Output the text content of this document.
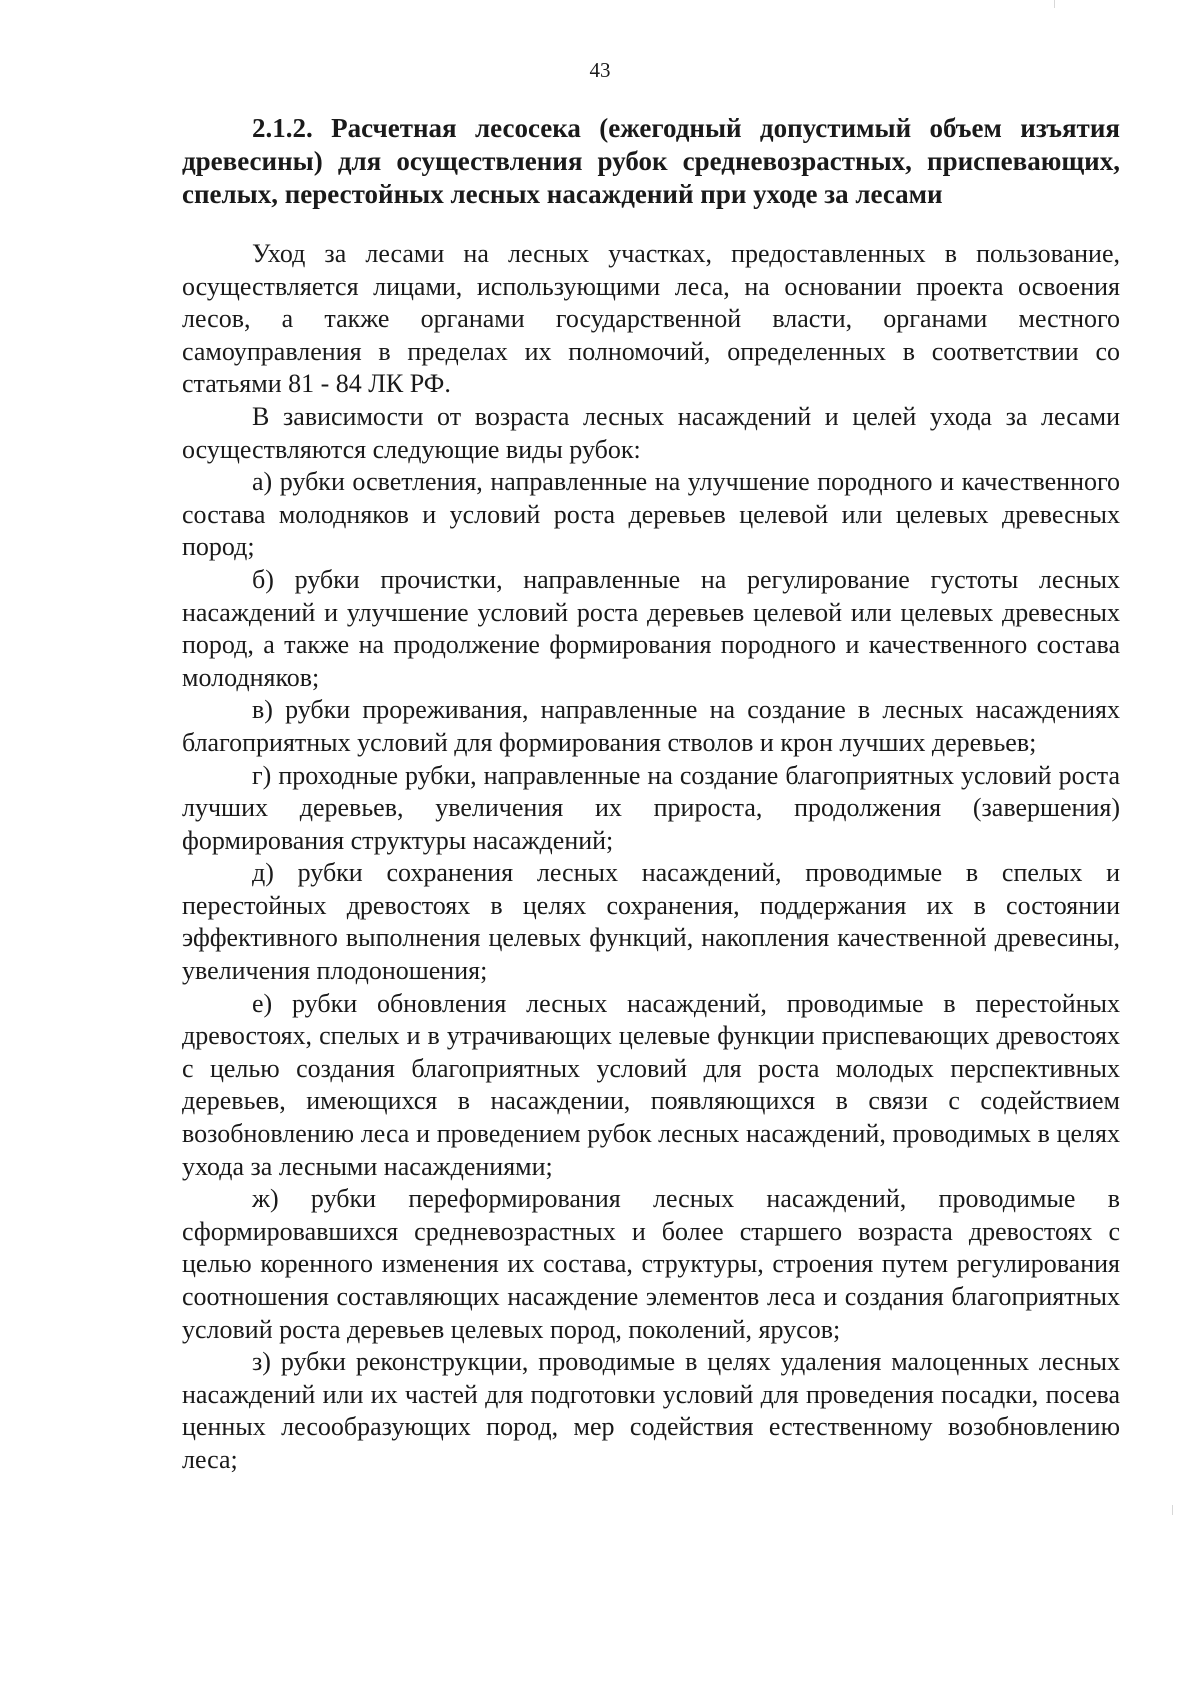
43
2.1.2. Расчетная лесосека (ежегодный допустимый объем изъятия древесины) для осуществления рубок средневозрастных, приспевающих, спелых, перестойных лесных насаждений при уходе за лесами

Уход за лесами на лесных участках, предоставленных в пользование, осуществляется лицами, использующими леса, на основании проекта освоения лесов, а также органами государственной власти, органами местного самоуправления в пределах их полномочий, определенных в соответствии со статьями 81 - 84 ЛК РФ.

В зависимости от возраста лесных насаждений и целей ухода за лесами осуществляются следующие виды рубок:

а) рубки осветления, направленные на улучшение породного и качественного состава молодняков и условий роста деревьев целевой или целевых древесных пород;

б) рубки прочистки, направленные на регулирование густоты лесных насаждений и улучшение условий роста деревьев целевой или целевых древесных пород, а также на продолжение формирования породного и качественного состава молодняков;

в) рубки прореживания, направленные на создание в лесных насаждениях благоприятных условий для формирования стволов и крон лучших деревьев;

г) проходные рубки, направленные на создание благоприятных условий роста лучших деревьев, увеличения их прироста, продолжения (завершения) формирования структуры насаждений;

д) рубки сохранения лесных насаждений, проводимые в спелых и перестойных древостоях в целях сохранения, поддержания их в состоянии эффективного выполнения целевых функций, накопления качественной древесины, увеличения плодоношения;

е) рубки обновления лесных насаждений, проводимые в перестойных древостоях, спелых и в утрачивающих целевые функции приспевающих древостоях с целью создания благоприятных условий для роста молодых перспективных деревьев, имеющихся в насаждении, появляющихся в связи с содействием возобновлению леса и проведением рубок лесных насаждений, проводимых в целях ухода за лесными насаждениями;

ж) рубки переформирования лесных насаждений, проводимые в сформировавшихся средневозрастных и более старшего возраста древостоях с целью коренного изменения их состава, структуры, строения путем регулирования соотношения составляющих насаждение элементов леса и создания благоприятных условий роста деревьев целевых пород, поколений, ярусов;

з) рубки реконструкции, проводимые в целях удаления малоценных лесных насаждений или их частей для подготовки условий для проведения посадки, посева ценных лесообразующих пород, мер содействия естественному возобновлению леса;
